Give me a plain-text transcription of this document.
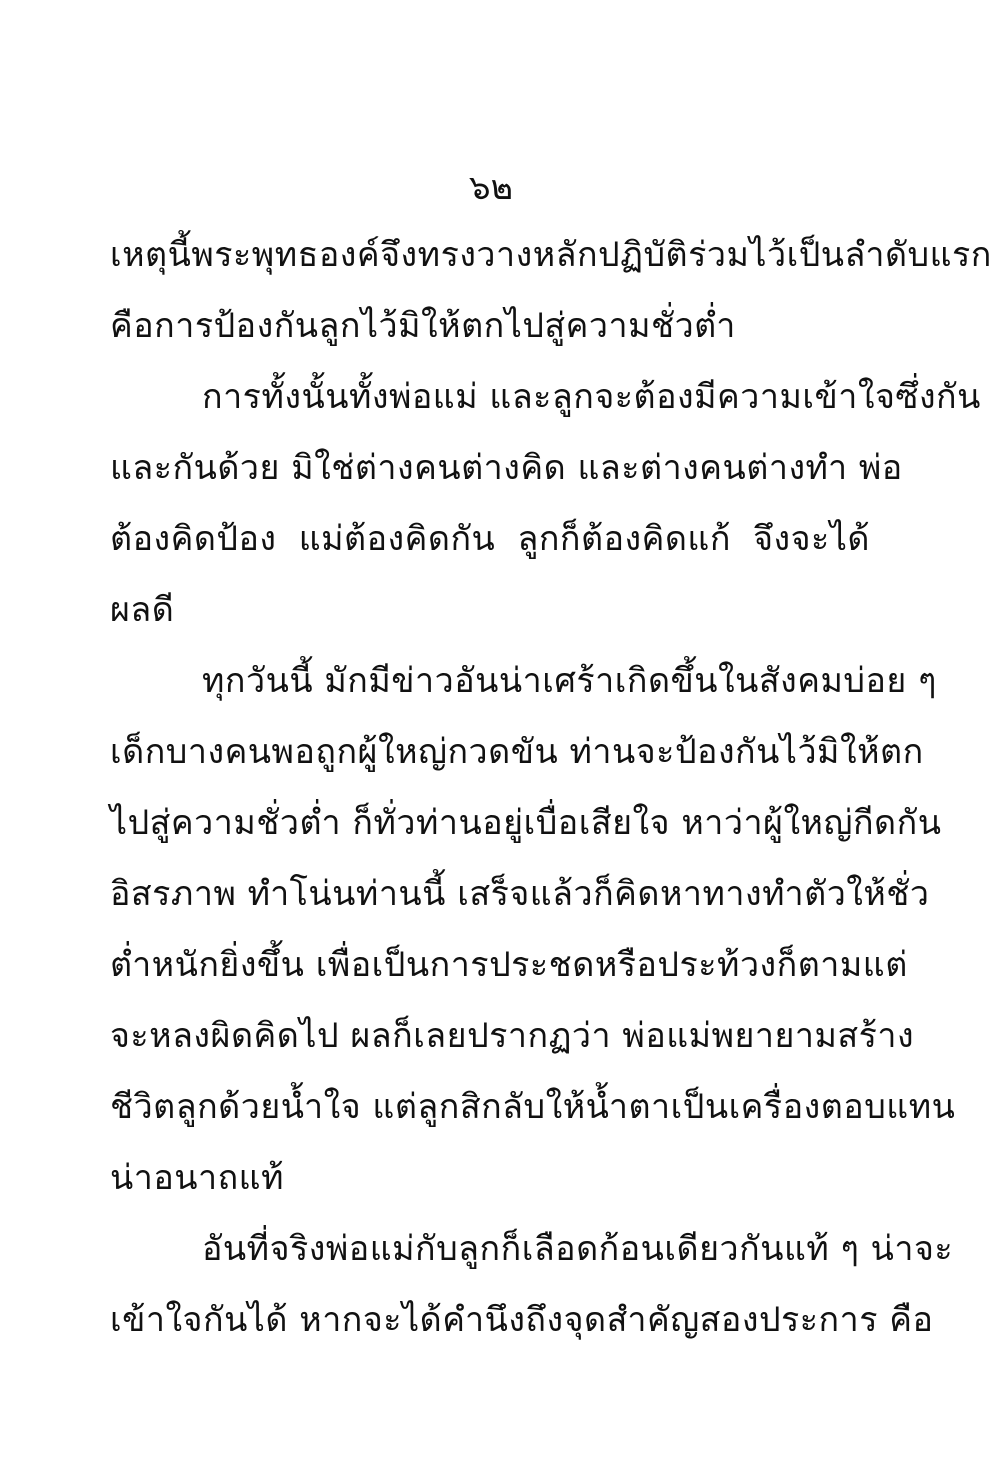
๖๒
เหตุนี้พระพุทธองค์จึงทรงวางหลักปฏิบัติร่วมไว้เป็นลำดับแรก
คือการป้องกันลูกไว้มิให้ตกไปสู่ความชั่วต่ำ
การทั้งนั้นทั้งพ่อแม่ และลูกจะต้องมีความเข้าใจซึ่งกัน
และกันด้วย มิใช่ต่างคนต่างคิด และต่างคนต่างทำ พ่อ
ต้องคิดป้อง แม่ต้องคิดกัน ลูกก็ต้องคิดแก้ จึงจะได้
ผลดี
ทุกวันนี้ มักมีข่าวอันน่าเศร้าเกิดขึ้นในสังคมบ่อย ๆ
เด็กบางคนพอถูกผู้ใหญ่กวดขัน ท่านจะป้องกันไว้มิให้ตก
ไปสู่ความชั่วต่ำ ก็ทั่วท่านอยู่เบื่อเสียใจ หาว่าผู้ใหญ่กีดกัน
อิสรภาพ ทำโน่นท่านนี้ เสร็จแล้วก็คิดหาทางทำตัวให้ชั่ว
ต่ำหนักยิ่งขึ้น เพื่อเป็นการประชดหรือประท้วงก็ตามแต่
จะหลงผิดคิดไป ผลก็เลยปรากฏว่า พ่อแม่พยายามสร้าง
ชีวิตลูกด้วยน้ำใจ แต่ลูกสิกลับให้น้ำตาเป็นเครื่องตอบแทน
น่าอนาถแท้
อันที่จริงพ่อแม่กับลูกก็เลือดก้อนเดียวกันแท้ ๆ น่าจะ
เข้าใจกันได้ หากจะได้คำนึงถึงจุดสำคัญสองประการ คือ
